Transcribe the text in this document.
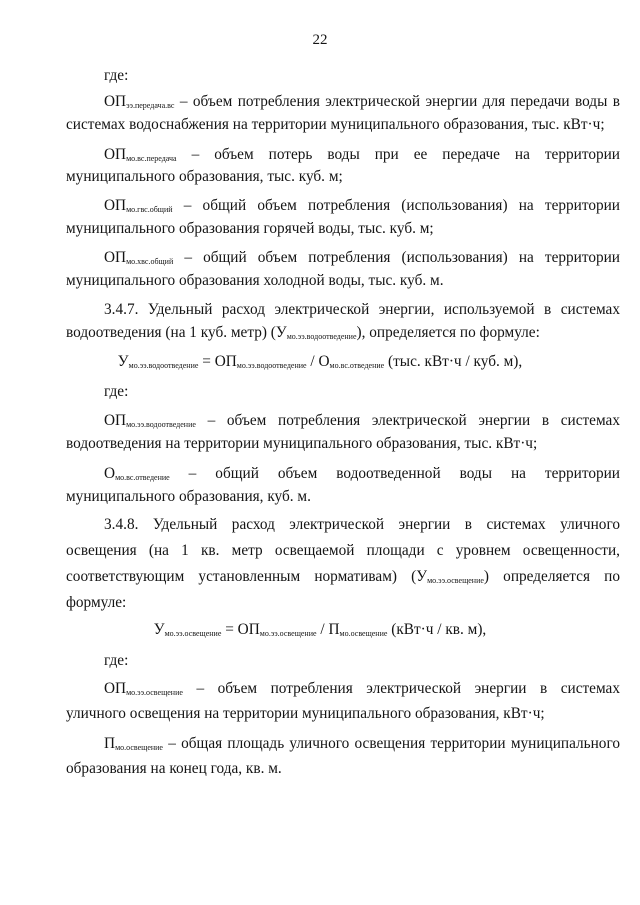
22
где:
$ОП_{ээ.передача.вс}$ – объем потребления электрической энергии для передачи воды в
системах водоснабжения на территории муниципального образования, тыс. кВт·ч;
$ОП_{мо.вс.передача}$ – объем потерь воды при ее передаче на территории
муниципального образования, тыс. куб. м;
$ОП_{мо.гвс.общий}$ – общий объем потребления (использования) на территории
муниципального образования горячей воды, тыс. куб. м;
$ОП_{мо.хвс.общий}$ – общий объем потребления (использования) на территории
муниципального образования холодной воды, тыс. куб. м.
3.4.7. Удельный расход электрической энергии, используемой в системах
водоотведения (на 1 куб. метр) $(У_{мо.ээ.водоотведение})$, определяется по формуле:
$У_{мо.ээ.водоотведение} = ОП_{мо.ээ.водоотведение} / О_{мо.вс.отведение}$ (тыс. кВт·ч / куб. м),
где:
$ОП_{мо.ээ.водоотведение}$ – объем потребления электрической энергии в системах
водоотведения на территории муниципального образования, тыс. кВт·ч;
$О_{мо.вс.отведение}$ – общий объем водоотведенной воды на территории
муниципального образования, куб. м.
3.4.8. Удельный расход электрической энергии в системах уличного
освещения (на 1 кв. метр освещаемой площади с уровнем освещенности,
соответствующим установленным нормативам) $(У_{мо.ээ.освещение})$ определяется по
формуле:
$У_{мо.ээ.освещение} = ОП_{мо.ээ.освещение} / П_{мо.освещение}$ (кВт·ч / кв. м),
где:
$ОП_{мо.ээ.освещение}$ – объем потребления электрической энергии в системах
уличного освещения на территории муниципального образования, кВт·ч;
$П_{мо.освещение}$ – общая площадь уличного освещения территории муниципального
образования на конец года, кв. м.
